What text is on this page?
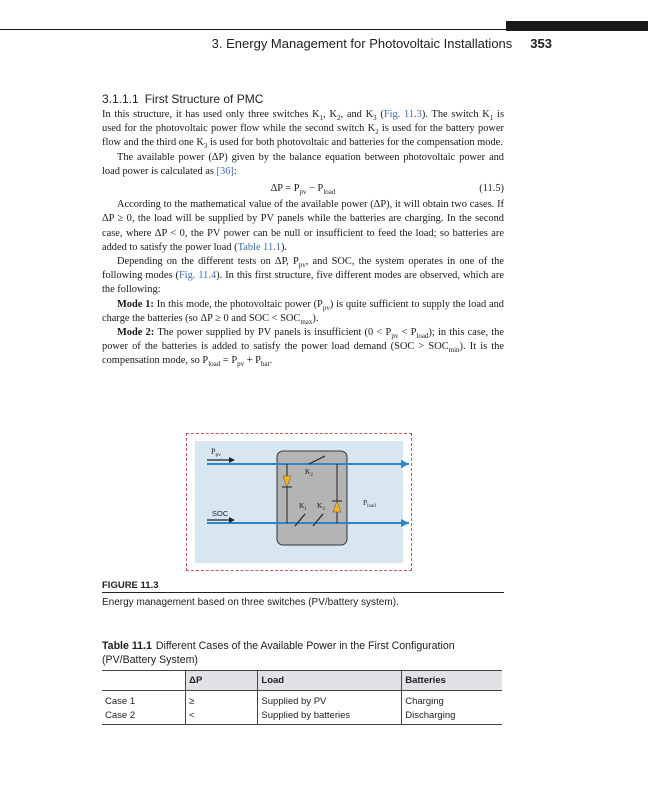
3. Energy Management for Photovoltaic Installations 353
3.1.1.1 First Structure of PMC

In this structure, it has used only three switches $K_1$, $K_2$, and $K_3$ (Fig. 11.3). The switch $K_1$ is used for the photovoltaic power flow while the second switch $K_2$ is used for the battery power flow and the third one $K_3$ is used for both photovoltaic and batteries for the compensation mode.

The available power (ΔP) given by the balance equation between photovoltaic power and load power is calculated as [36]:

$\Delta P = P_{pv} - P_{load}$	(11.5)

According to the mathematical value of the available power (ΔP), it will obtain two cases. If ΔP ≥ 0, the load will be supplied by PV panels while the batteries are charging. In the second case, where ΔP < 0, the PV power can be null or insufficient to feed the load; so batteries are added to satisfy the power load (Table 11.1).

Depending on the different tests on ΔP, $P_{pv}$, and SOC, the system operates in one of the following modes (Fig. 11.4). In this first structure, five different modes are observed, which are the following:

Mode 1: In this mode, the photovoltaic power $(P_{pv})$ is quite sufficient to supply the load and charge the batteries (so ΔP ≥ 0 and SOC < $SOC_{max}$).

Mode 2: The power supplied by PV panels is insufficient $(0 < P_{pv} < P_{load})$; in this case, the power of the batteries is added to satisfy the power load demand $(SOC > SOC_{min})$. It is the compensation mode, so $P_{load} = P_{pv} + P_{bat}$.

$P_{pv}$
SOC
$K_2$
$K_1$ $K_3$
$P_{load}$
FIGURE 11.3
Energy management based on three switches (PV/battery system).
Table 11.1 Different Cases of the Available Power in the First Configuration (PV/Battery System)
	ΔP	Load	Batteries
Case 1	≥	Supplied by PV	Charging
Case 2	<	Supplied by batteries	Discharging
